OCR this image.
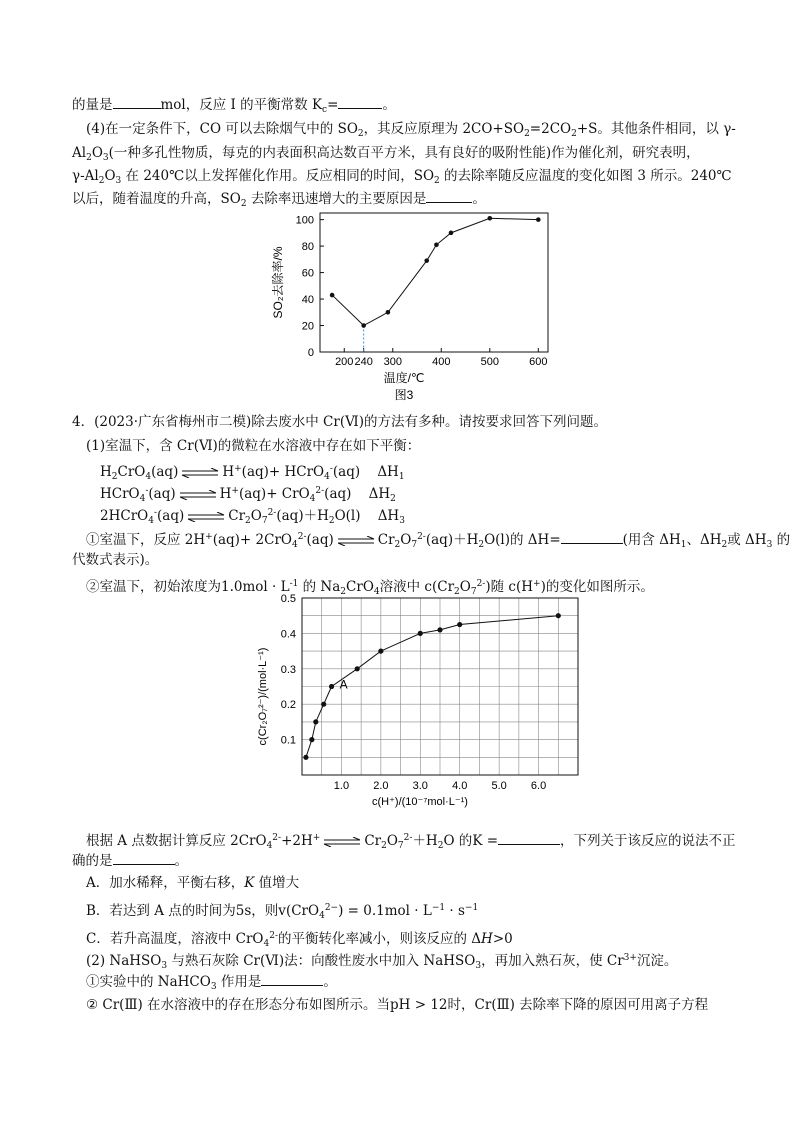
的量是	mol，反应 I 的平衡常数 $K_c=$	。
(4)在一定条件下，CO 可以去除烟气中的 $SO_2$，其反应原理为 $2CO+SO_2=2CO_2+S$。其他条件相同，以 γ-
$Al_2O_3$(一种多孔性物质，每克的内表面积高达数百平方米，具有良好的吸附性能)作为催化剂，研究表明，
$\gamma-Al_2O_3$ 在 240℃以上发挥催化作用。反应相同的时间，$SO_2$ 的去除率随反应温度的变化如图 3 所示。240℃
以后，随着温度的升高，$SO_2$ 去除率迅速增大的主要原因是	。
0
20
40
60
80
100
200 240 300	400	500	600
温度/℃
SO₂去除率/%
图3
4．(2023·广东省梅州市二模)除去废水中 Cr(Ⅵ)的方法有多种。请按要求回答下列问题。
(1)室温下，含 Cr(Ⅵ)的微粒在水溶液中存在如下平衡：
$H_2CrO_4(aq)$	H+(aq)+ HCrO$_4$-(aq) $\Delta H_1$
HCrO$_4$-(aq)	H+(aq)+ CrO$_4^{2-}$(aq) $\Delta H_2$
2HCrO$_4$-(aq)	$Cr_2O_7^{2-}(aq)+H_2O(l)$ $\Delta H_3$
①室温下，反应 2H+(aq)+ 2CrO$_4^{2-}$(aq)	$Cr_2O_7^{2-}(aq)+H_2O(l)$的 ΔH=	(用含 $\Delta H_1$、$\Delta H_2$或 $\Delta H_3$ 的
代数式表示)。
②室温下，初始浓度为$1.0mol \cdot L^{-1}$ 的 $Na_2CrO_4$溶液中 $c(Cr_2O_7^{2-})$随 c(H+)的变化如图所示。
0.1
0.2
0.3
0.4
0.5
1.0 2.0 3.0 4.0 5.0 6.0
A
c(H⁺)/(10⁻⁷mol·L⁻¹)
c(Cr₂O₇²⁻)/(mol·L⁻¹)
根据 A 点数据计算反应 2CrO$_4^{2-}$+2H+	$Cr_2O_7^{2-}+H_2O$ 的K =	，下列关于该反应的说法不正
确的是	。
A．加水稀释，平衡右移，K 值增大
B．若达到 A 点的时间为5s，则$v(CrO_4^{2-}) = 0.1mol \cdot L^{-1} \cdot s^{-1}$
C．若升高温度，溶液中 CrO$_4^{2-}$的平衡转化率减小，则该反应的 ΔH>0
(2) NaHSO$_3$ 与熟石灰除 Cr(Ⅵ)法：向酸性废水中加入 NaHSO$_3$，再加入熟石灰，使 $Cr^{3+}$沉淀。
①实验中的 NaHCO$_3$ 作用是	。
② Cr(Ⅲ) 在水溶液中的存在形态分布如图所示。当pH > 12时，Cr(Ⅲ) 去除率下降的原因可用离子方程
